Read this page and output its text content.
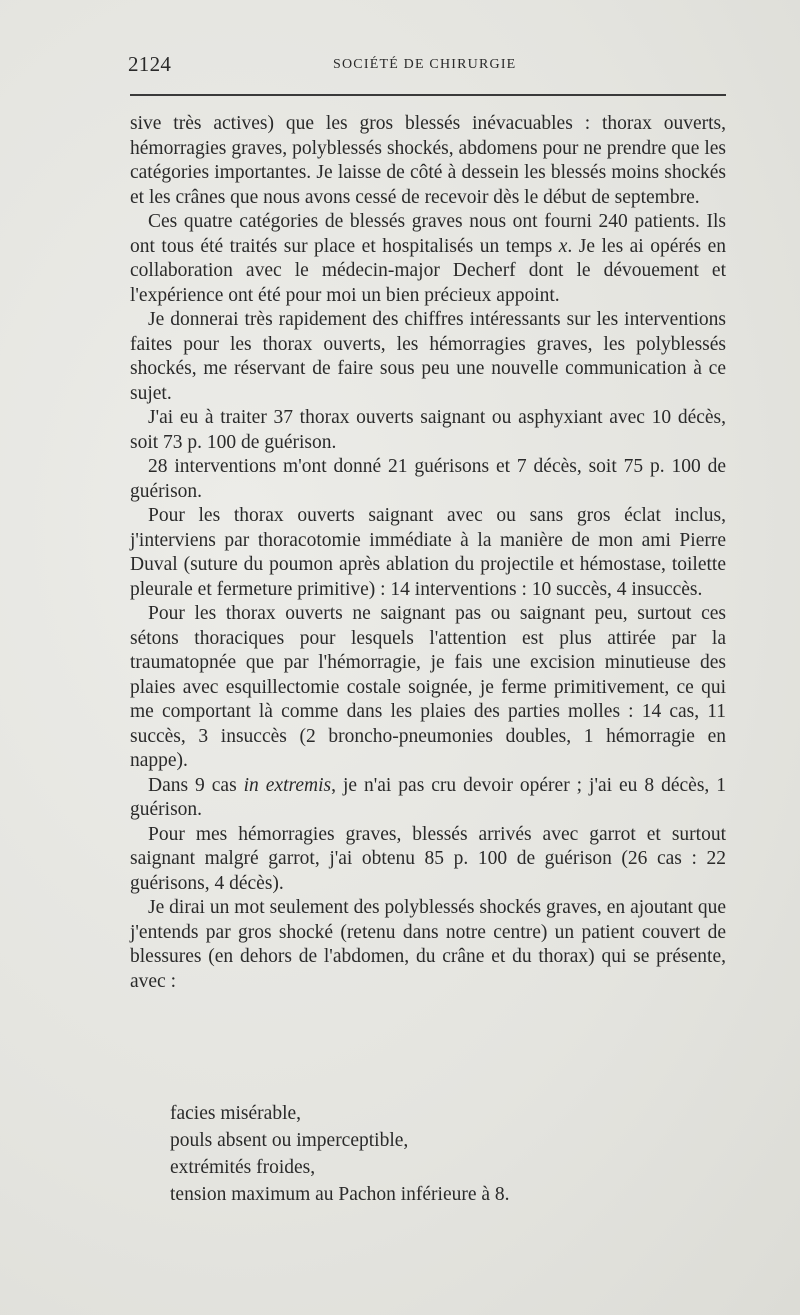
2124	SOCIÉTÉ DE CHIRURGIE

sive très actives) que les gros blessés inévacuables : thorax ouverts, hémorragies graves, polyblessés shockés, abdomens pour ne prendre que les catégories importantes. Je laisse de côté à dessein les blessés moins shockés et les crânes que nous avons cessé de recevoir dès le début de septembre.

Ces quatre catégories de blessés graves nous ont fourni 240 patients. Ils ont tous été traités sur place et hospitalisés un temps x. Je les ai opérés en collaboration avec le médecin-major Decherf dont le dévouement et l'expérience ont été pour moi un bien précieux appoint.

Je donnerai très rapidement des chiffres intéressants sur les interventions faites pour les thorax ouverts, les hémorragies graves, les polyblessés shockés, me réservant de faire sous peu une nouvelle communication à ce sujet.

J'ai eu à traiter 37 thorax ouverts saignant ou asphyxiant avec 10 décès, soit 73 p. 100 de guérison.

28 interventions m'ont donné 21 guérisons et 7 décès, soit 75 p. 100 de guérison.

Pour les thorax ouverts saignant avec ou sans gros éclat inclus, j'interviens par thoracotomie immédiate à la manière de mon ami Pierre Duval (suture du poumon après ablation du projectile et hémostase, toilette pleurale et fermeture primitive) : 14 interventions : 10 succès, 4 insuccès.

Pour les thorax ouverts ne saignant pas ou saignant peu, surtout ces sétons thoraciques pour lesquels l'attention est plus attirée par la traumatopnée que par l'hémorragie, je fais une excision minutieuse des plaies avec esquillectomie costale soignée, je ferme primitivement, ce qui me comportant là comme dans les plaies des parties molles : 14 cas, 11 succès, 3 insuccès (2 broncho-pneumonies doubles, 1 hémorragie en nappe).

Dans 9 cas in extremis, je n'ai pas cru devoir opérer ; j'ai eu 8 décès, 1 guérison.

Pour mes hémorragies graves, blessés arrivés avec garrot et surtout saignant malgré garrot, j'ai obtenu 85 p. 100 de guérison (26 cas : 22 guérisons, 4 décès).

Je dirai un mot seulement des polyblessés shockés graves, en ajoutant que j'entends par gros shocké (retenu dans notre centre) un patient couvert de blessures (en dehors de l'abdomen, du crâne et du thorax) qui se présente, avec :

facies misérable,
pouls absent ou imperceptible,
extrémités froides,
tension maximum au Pachon inférieure à 8.
